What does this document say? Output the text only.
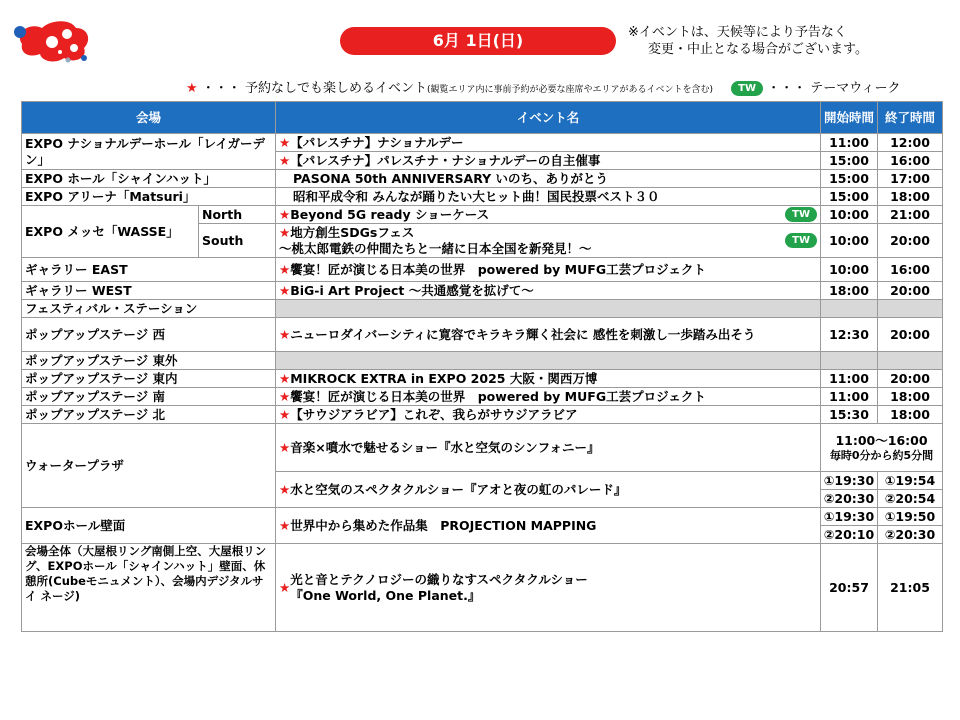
6月 1日(日)	※イベントは、天候等により予告なく
変更・中止となる場合がございます。
★ ・・・ 予約なしでも楽しめるイベント(観覧エリア内に事前予約が必要な座席やエリアがあるイベントを含む)	TW ・・・ テーマウィーク
会場		イベント名	開始時間	終了時間
EXPO ナショナルデーホール「レイガーデン」		★【パレスチナ】ナショナルデー	11:00	12:00
		★【パレスチナ】パレスチナ・ナショナルデーの自主催事	15:00	16:00
EXPO ホール「シャインハット」		PASONA 50th ANNIVERSARY いのち、ありがとう	15:00	17:00
EXPO アリーナ「Matsuri」		昭和平成令和 みんなが踊りたい大ヒット曲！国民投票ベスト３０	15:00	18:00
EXPO メッセ「WASSE」	North	★Beyond 5G ready ショーケース TW	10:00	21:00
	South	★地方創生SDGsフェス
～桃太郎電鉄の仲間たちと一緒に日本全国を新発見！～ TW	10:00	20:00
ギャラリー EAST		★饗宴！匠が演じる日本美の世界　powered by MUFG工芸プロジェクト	10:00	16:00
ギャラリー WEST		★BiG-i Art Project ～共通感覚を拡げて～	18:00	20:00
フェスティバル・ステーション				
ポップアップステージ 西		★ ニューロダイバーシティに寛容でキラキラ輝く社会に 感性を刺激し一歩踏み出そう	12:30	20:00
ポップアップステージ 東外				
ポップアップステージ 東内		★MIKROCK EXTRA in EXPO 2025 大阪・関西万博	11:00	20:00
ポップアップステージ 南		★饗宴！匠が演じる日本美の世界　powered by MUFG工芸プロジェクト	11:00	18:00
ポップアップステージ 北		★【サウジアラビア】これぞ、我らがサウジアラビア	15:30	18:00
ウォータープラザ		★音楽×噴水で魅せるショー『水と空気のシンフォニー』	11:00～16:00
毎時0分から約5分間	

		★水と空気のスペクタクルショー『アオと夜の虹のパレード』	①19:30	①19:54
			②20:30	②20:54
EXPOホール壁面		★世界中から集めた作品集　PROJECTION MAPPING	①19:30	①19:50
			②20:10	②20:30
会場全体（大屋根リング南側上空、大屋根リング、EXPOホール「シャインハット」壁面、休憩所(Cubeモニュメント）、会場内デジタルサイ ネージ)		★
光と音とテクノロジーの織りなすスペクタクルショー
『One World, One Planet.』	20:57	21:05
